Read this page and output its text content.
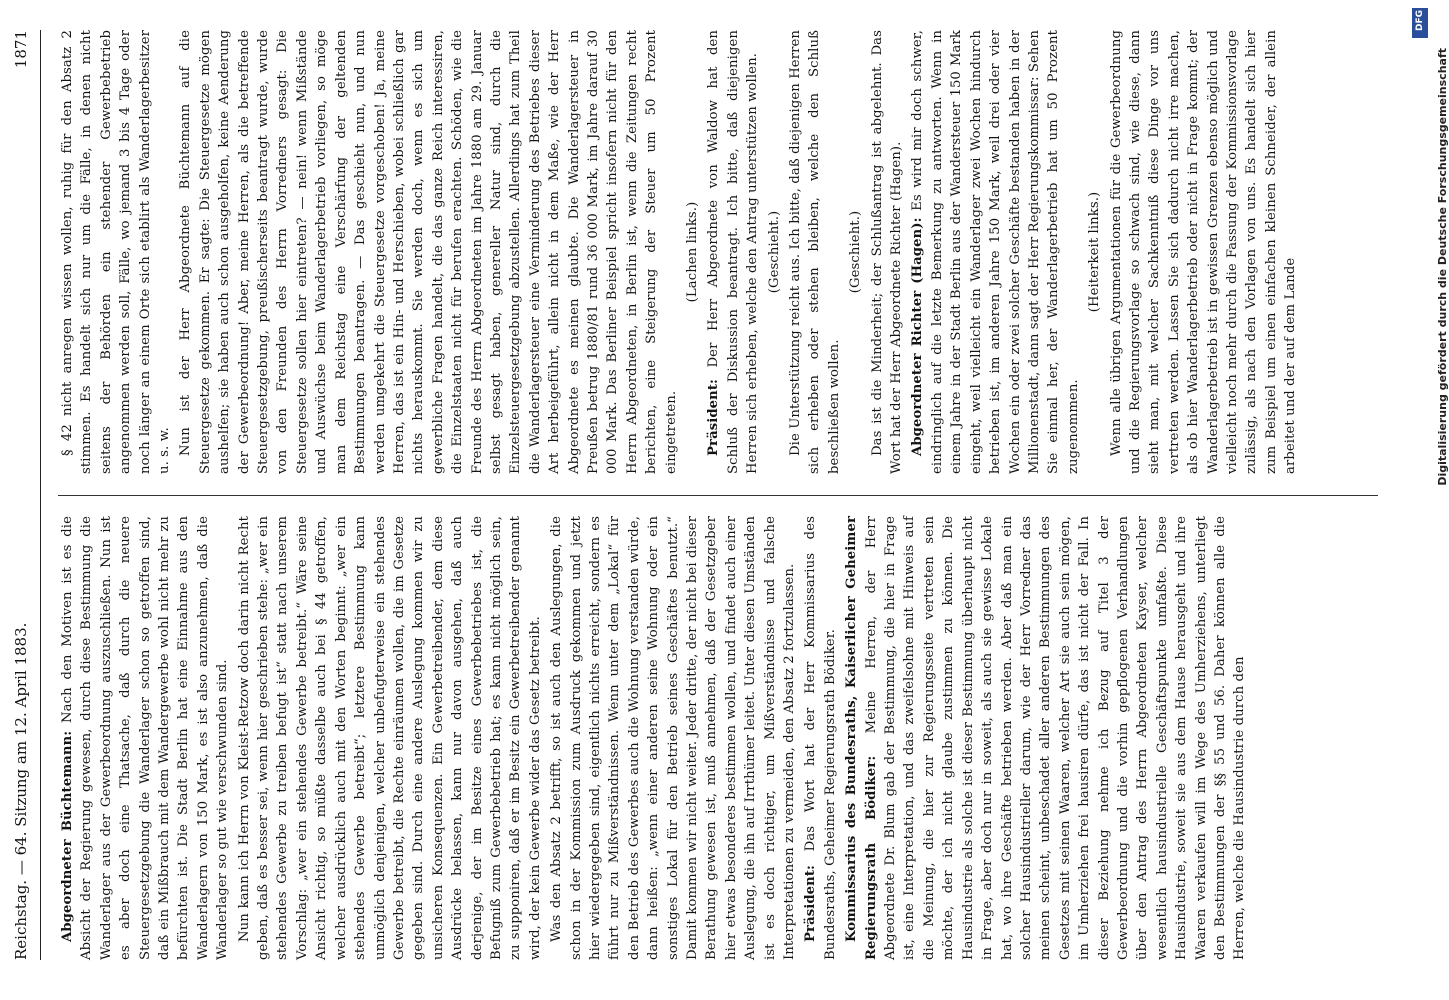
Reichstag. — 64. Sitzung am 12. April 1883.
1871

Abgeordneter Büchtemann: Nach den Motiven ist es die Absicht der Regierung gewesen, durch diese Bestimmung die Wanderlager aus der Gewerbeordnung auszuschließen. Nun ist es aber doch eine Thatsache, daß durch die neuere Steuergesetzgebung die Wanderlager schon so getroffen sind, daß ein Mißbrauch mit dem Wandergewerbe wohl nicht mehr zu befürchten ist. Die Stadt Berlin hat eine Einnahme aus den Wanderlagern von 150 Mark, es ist also anzunehmen, daß die Wanderlager so gut wie verschwunden sind. Nun kann ich Herrn von Kleist-Retzow doch darin nicht Recht geben, daß es besser sei, wenn hier geschrieben stehe: „wer ein stehendes Gewerbe zu treiben befugt ist“ statt nach unserem Vorschlag: „wer ein stehendes Gewerbe betreibt.“ Wäre seine Ansicht richtig, so müßte dasselbe auch bei § 44 getroffen, welcher ausdrücklich auch mit den Worten beginnt: „wer ein stehendes Gewerbe betreibt“; letztere Bestimmung kann unmöglich denjenigen, welcher unbefugterweise ein stehendes Gewerbe betreibt, die Rechte einräumen wollen, die im Gesetze gegeben sind. Durch eine andere Auslegung kommen wir zu unsicheren Konsequenzen. Ein Gewerbetreibender, dem diese Ausdrücke belassen, kann nur davon ausgehen, daß auch derjenige, der im Besitze eines Gewerbebetriebes ist, die Befugniß zum Gewerbebetrieb hat; es kann nicht möglich sein, zu supponiren, daß er im Besitz ein Gewerbetreibender genannt wird, der kein Gewerbe wider das Gesetz betreibt. Was den Absatz 2 betrifft, so ist auch den Auslegungen, die schon in der Kommission zum Ausdruck gekommen und jetzt hier wiedergegeben sind, eigentlich nichts erreicht, sondern es führt nur zu Mißverständnissen. Wenn unter dem „Lokal“ für den Betrieb des Gewerbes auch die Wohnung verstanden würde, dann heißen: „wenn einer anderen seine Wohnung oder ein sonstiges Lokal für den Betrieb seines Geschäftes benutzt.“ Damit kommen wir nicht weiter. Jeder dritte, der nicht bei dieser Berathung gewesen ist, muß annehmen, daß der Gesetzgeber hier etwas besonderes bestimmen wollen, und findet auch einer Auslegung, die ihn auf Irrthümer leitet. Unter diesen Umständen ist es doch richtiger, um Mißverständnisse und falsche Interpretationen zu vermeiden, den Absatz 2 fortzulassen. Präsident: Das Wort hat der Herr Kommissarius des Bundesraths, Geheimer Regierungsrath Bödiker. Kommissarius des Bundesraths, Kaiserlicher Geheimer Regierungsrath Bödiker: Meine Herren, der Herr Abgeordnete Dr. Blum gab der Bestimmung, die hier in Frage ist, eine Interpretation, und das zweifelsohne mit Hinweis auf die Meinung, die hier zur Regierungsseite vertreten sein möchte, der ich nicht glaube zustimmen zu können. Die Hausindustrie als solche ist dieser Bestimmung überhaupt nicht in Frage, aber doch nur in soweit, als auch sie gewisse Lokale hat, wo ihre Geschäfte betrieben werden. Aber daß man ein solcher Hausindustrieller darum, wie der Herr Vorredner das meinen scheint, unbeschadet aller anderen Bestimmungen des Gesetzes mit seinen Waaren, welcher Art sie auch sein mögen, im Umherziehen frei hausiren dürfe, das ist nicht der Fall. In dieser Beziehung nehme ich Bezug auf Titel 3 der Gewerbeordnung und die vorhin gepflogenen Verhandlungen über den Antrag des Herrn Abgeordneten Kayser, welcher wesentlich hausindustrielle Geschäftspunkte umfaßte. Diese Hausindustrie, soweit sie aus dem Hause herausgeht und ihre Waaren verkaufen will im Wege des Umherziehens, unterliegt den Bestimmungen der §§ 55 und 56. Daher können alle die Herren, welche die Hausindustrie durch den

§ 42 nicht anregen wissen wollen, ruhig für den Absatz 2 stimmen. Es handelt sich nur um die Fälle, in denen nicht seitens der Behörden ein stehender Gewerbebetrieb angenommen werden soll, Fälle, wo jemand 3 bis 4 Tage oder noch länger an einem Orte sich etablirt als Wanderlagerbesitzer u. s. w. Nun ist der Herr Abgeordnete Büchtemann auf die Steuergesetze gekommen. Er sagte: Die Steuergesetze mögen aushelfen; sie haben auch schon ausgeholfen, keine Aenderung der Gewerbeordnung! Aber, meine Herren, als die betreffende Steuergesetzgebung, preußischerseits beantragt wurde, wurde von den Freunden des Herrn Vorredners gesagt: Die Steuergesetze sollen hier eintreten? — nein! wenn Mißstände und Auswüchse beim Wanderlagerbetrieb vorliegen, so möge man dem Reichstag eine Verschärfung der geltenden Bestimmungen beantragen. — Das geschieht nun, und nun werden umgekehrt die Steuergesetze vorgeschoben! Ja, meine Herren, das ist ein Hin- und Herschieben, wobei schließlich gar nichts herauskommt. Sie werden doch, wenn es sich um gewerbliche Fragen handelt, die das ganze Reich interessiren, die Einzelstaaten nicht für berufen erachten. Schöden, wie die Freunde des Herrn Abgeordneten im Jahre 1880 am 29. Januar selbst gesagt haben, genereller Natur sind, durch die Einzelsteuergesetzgebung abzustellen. Allerdings hat zum Theil die Wanderlagersteuer eine Verminderung des Betriebes dieser Art herbeigeführt, allein nicht in dem Maße, wie der Herr Abgeordnete es meinen glaubte. Die Wanderlagersteuer in Preußen betrug 1880/81 rund 36 000 Mark, im Jahre darauf 30 000 Mark. Das Berliner Beispiel spricht insofern nicht für den Herrn Abgeordneten, in Berlin ist, wenn die Zeitungen recht berichten, eine Steigerung der Steuer um 50 Prozent eingetreten.

(Lachen links.)

Präsident: Der Herr Abgeordnete von Waldow hat den Schluß der Diskussion beantragt. Ich bitte, daß diejenigen Herren sich erheben, welche den Antrag unterstützen wollen. (Geschieht.) Die Unterstützung reicht aus. Ich bitte, daß diejenigen Herren sich erheben oder stehen bleiben, welche den Schluß beschließen wollen.

(Geschieht.) Das ist die Minderheit; der Schlußantrag ist abgelehnt. Das Wort hat der Herr Abgeordnete Richter (Hagen). Abgeordneter Richter (Hagen): Es wird mir doch schwer, eindringlich auf die letzte Bemerkung zu antworten. Wenn in einem Jahre in der Stadt Berlin aus der Wandersteuer 150 Mark eingeht, weil vielleicht ein Wanderlager zwei Wochen hindurch betrieben ist, im anderen Jahre 150 Mark, weil drei oder vier Wochen ein oder zwei solcher Geschäfte bestanden haben in der Millionenstadt, dann sagt der Herr Regierungskommissar: Sehen Sie einmal her, der Wanderlagerbetrieb hat um 50 Prozent zugenommen.

(Heiterkeit links.) Wenn alle übrigen Argumentationen für die Gewerbeordnung und die Regierungsvorlage so schwach sind, wie diese, dann sieht man, mit welcher Sachkenntniß diese Dinge vor uns vertreten werden. Lassen Sie sich dadurch nicht irre machen, als ob hier Wanderlagerbetrieb oder nicht in Frage kommt; der Wanderlagerbetrieb ist in gewissen Grenzen ebenso möglich und vielleicht noch mehr durch die Fassung der Kommissionsvorlage zulässig, als nach den Vorlagen von uns. Es handelt sich hier zum Beispiel um einen einfachen kleinen Schneider, der allein arbeitet und der auf dem Lande	Digitalisierung gefördert durch die Deutsche Forschungsgemeinschaft
DFG
